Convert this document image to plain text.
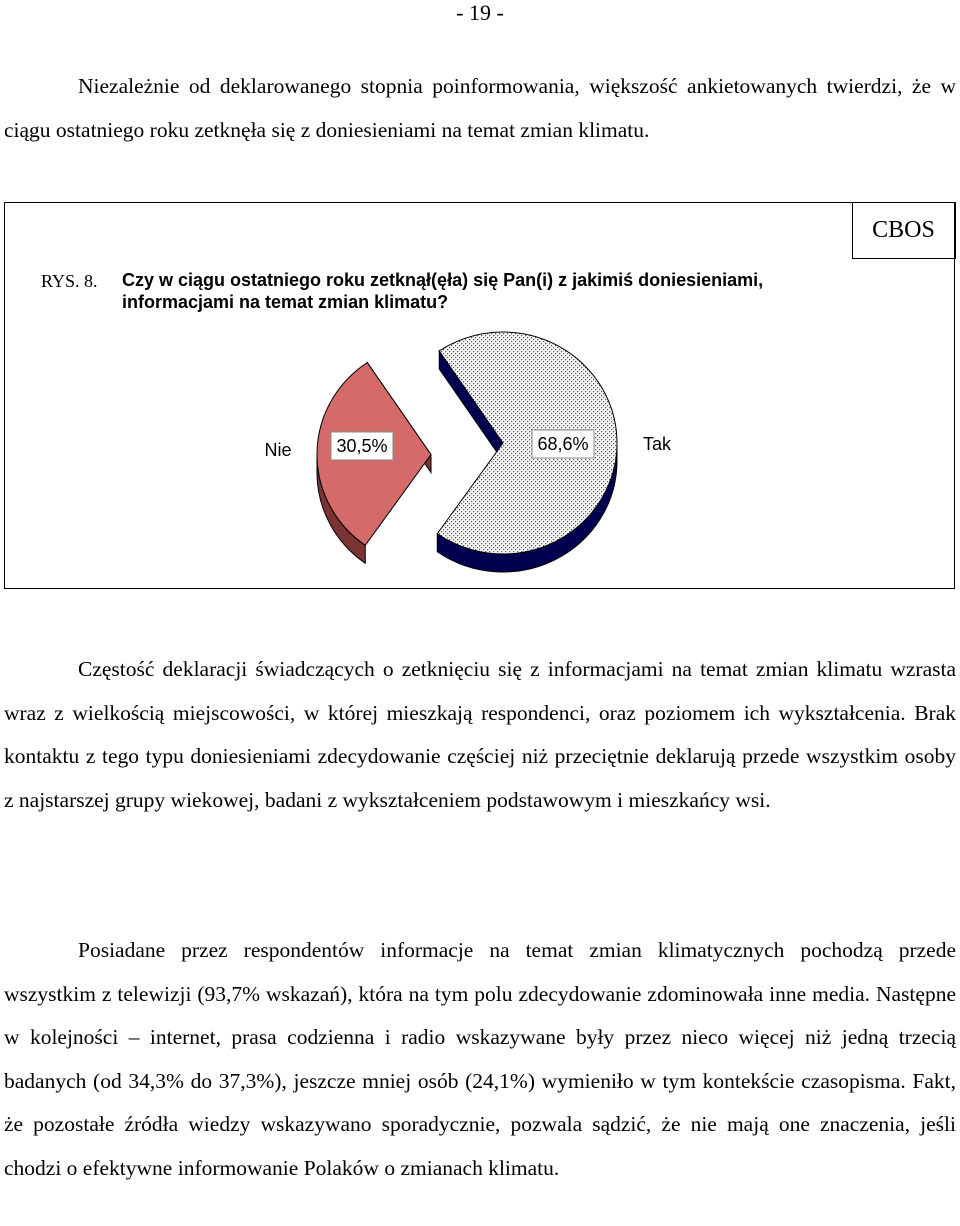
- 19 -

Niezależnie od deklarowanego stopnia poinformowania, większość ankietowanych twierdzi, że w ciągu ostatniego roku zetknęła się z doniesieniami na temat zmian klimatu.

CBOS
RYS. 8. Czy w ciągu ostatniego roku zetknął(ęła) się Pan(i) z jakimiś doniesieniami, informacjami na temat zmian klimatu?
68,6%	Tak
30,5%
Nie

Częstość deklaracji świadczących o zetknięciu się z informacjami na temat zmian klimatu wzrasta wraz z wielkością miejscowości, w której mieszkają respondenci, oraz poziomem ich wykształcenia. Brak kontaktu z tego typu doniesieniami zdecydowanie częściej niż przeciętnie deklarują przede wszystkim osoby z najstarszej grupy wiekowej, badani z wykształceniem podstawowym i mieszkańcy wsi.

Posiadane przez respondentów informacje na temat zmian klimatycznych pochodzą przede wszystkim z telewizji (93,7% wskazań), która na tym polu zdecydowanie zdominowała inne media. Następne w kolejności – internet, prasa codzienna i radio wskazywane były przez nieco więcej niż jedną trzecią badanych (od 34,3% do 37,3%), jeszcze mniej osób (24,1%) wymieniło w tym kontekście czasopisma. Fakt, że pozostałe źródła wiedzy wskazywano sporadycznie, pozwala sądzić, że nie mają one znaczenia, jeśli chodzi o efektywne informowanie Polaków o zmianach klimatu.
